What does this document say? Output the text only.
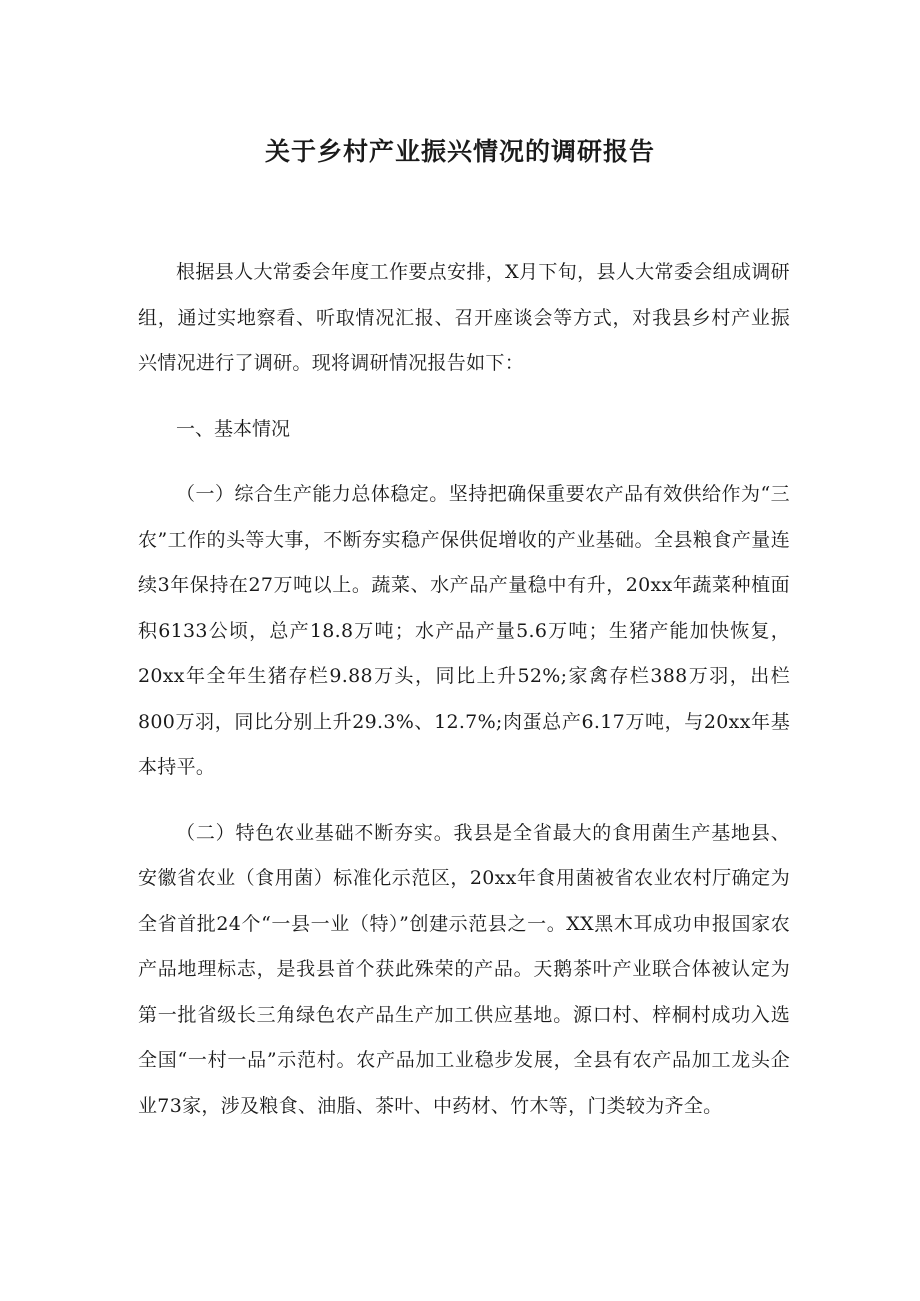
关于乡村产业振兴情况的调研报告

根据县人大常委会年度工作要点安排，X月下旬，县人大常委会组成调研组，通过实地察看、听取情况汇报、召开座谈会等方式，对我县乡村产业振兴情况进行了调研。现将调研情况报告如下：

一、基本情况

（一）综合生产能力总体稳定。坚持把确保重要农产品有效供给作为“三农”工作的头等大事，不断夯实稳产保供促增收的产业基础。全县粮食产量连续3年保持在27万吨以上。蔬菜、水产品产量稳中有升，20xx年蔬菜种植面积6133公顷，总产18.8万吨；水产品产量5.6万吨；生猪产能加快恢复，20xx年全年生猪存栏9.88万头，同比上升52%;家禽存栏388万羽，出栏800万羽，同比分别上升29.3%、12.7%;肉蛋总产6.17万吨，与20xx年基本持平。

（二）特色农业基础不断夯实。我县是全省最大的食用菌生产基地县、安徽省农业（食用菌）标准化示范区，20xx年食用菌被省农业农村厅确定为全省首批24个“一县一业（特）”创建示范县之一。XX黑木耳成功申报国家农产品地理标志，是我县首个获此殊荣的产品。天鹅茶叶产业联合体被认定为第一批省级长三角绿色农产品生产加工供应基地。源口村、梓桐村成功入选全国“一村一品”示范村。农产品加工业稳步发展，全县有农产品加工龙头企业73家，涉及粮食、油脂、茶叶、中药材、竹木等，门类较为齐全。
